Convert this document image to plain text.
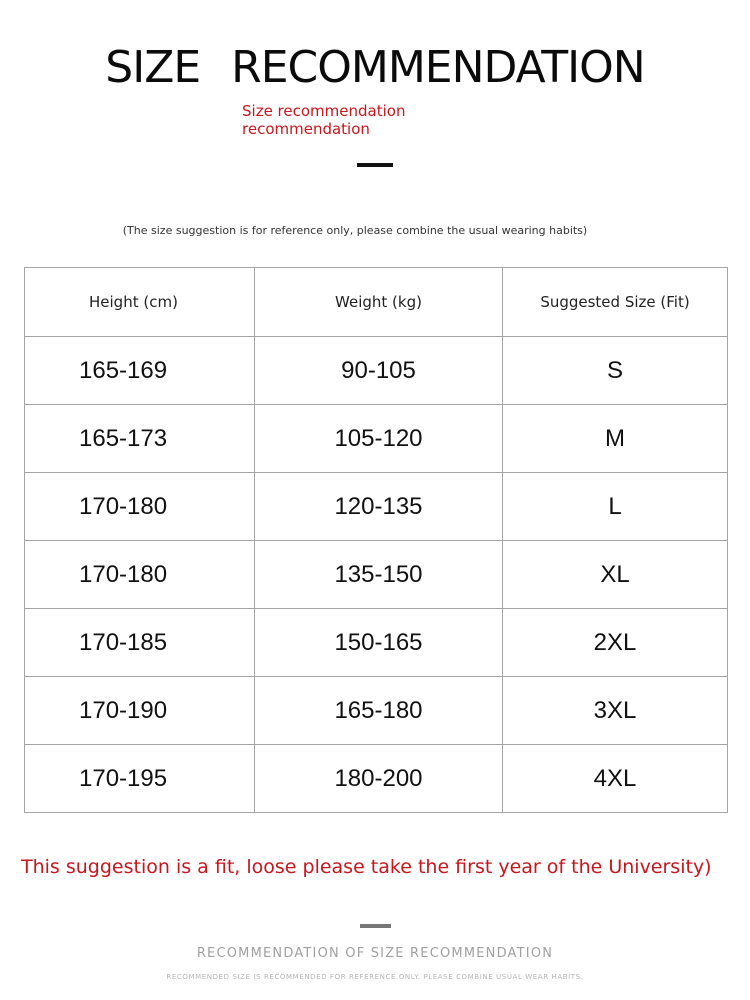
SIZE RECOMMENDATION
Size recommendation
recommendation
(The size suggestion is for reference only, please combine the usual wearing habits)
Height (cm)	Weight (kg)	Suggested Size (Fit)
165-169	90-105	S
165-173	105-120	M
170-180	120-135	L
170-180	135-150	XL
170-185	150-165	2XL
170-190	165-180	3XL
170-195	180-200	4XL
This suggestion is a fit, loose please take the first year of the University)
RECOMMENDATION OF SIZE RECOMMENDATION
RECOMMENDED SIZE IS RECOMMENDED FOR REFERENCE ONLY. PLEASE COMBINE USUAL WEAR HABITS.
